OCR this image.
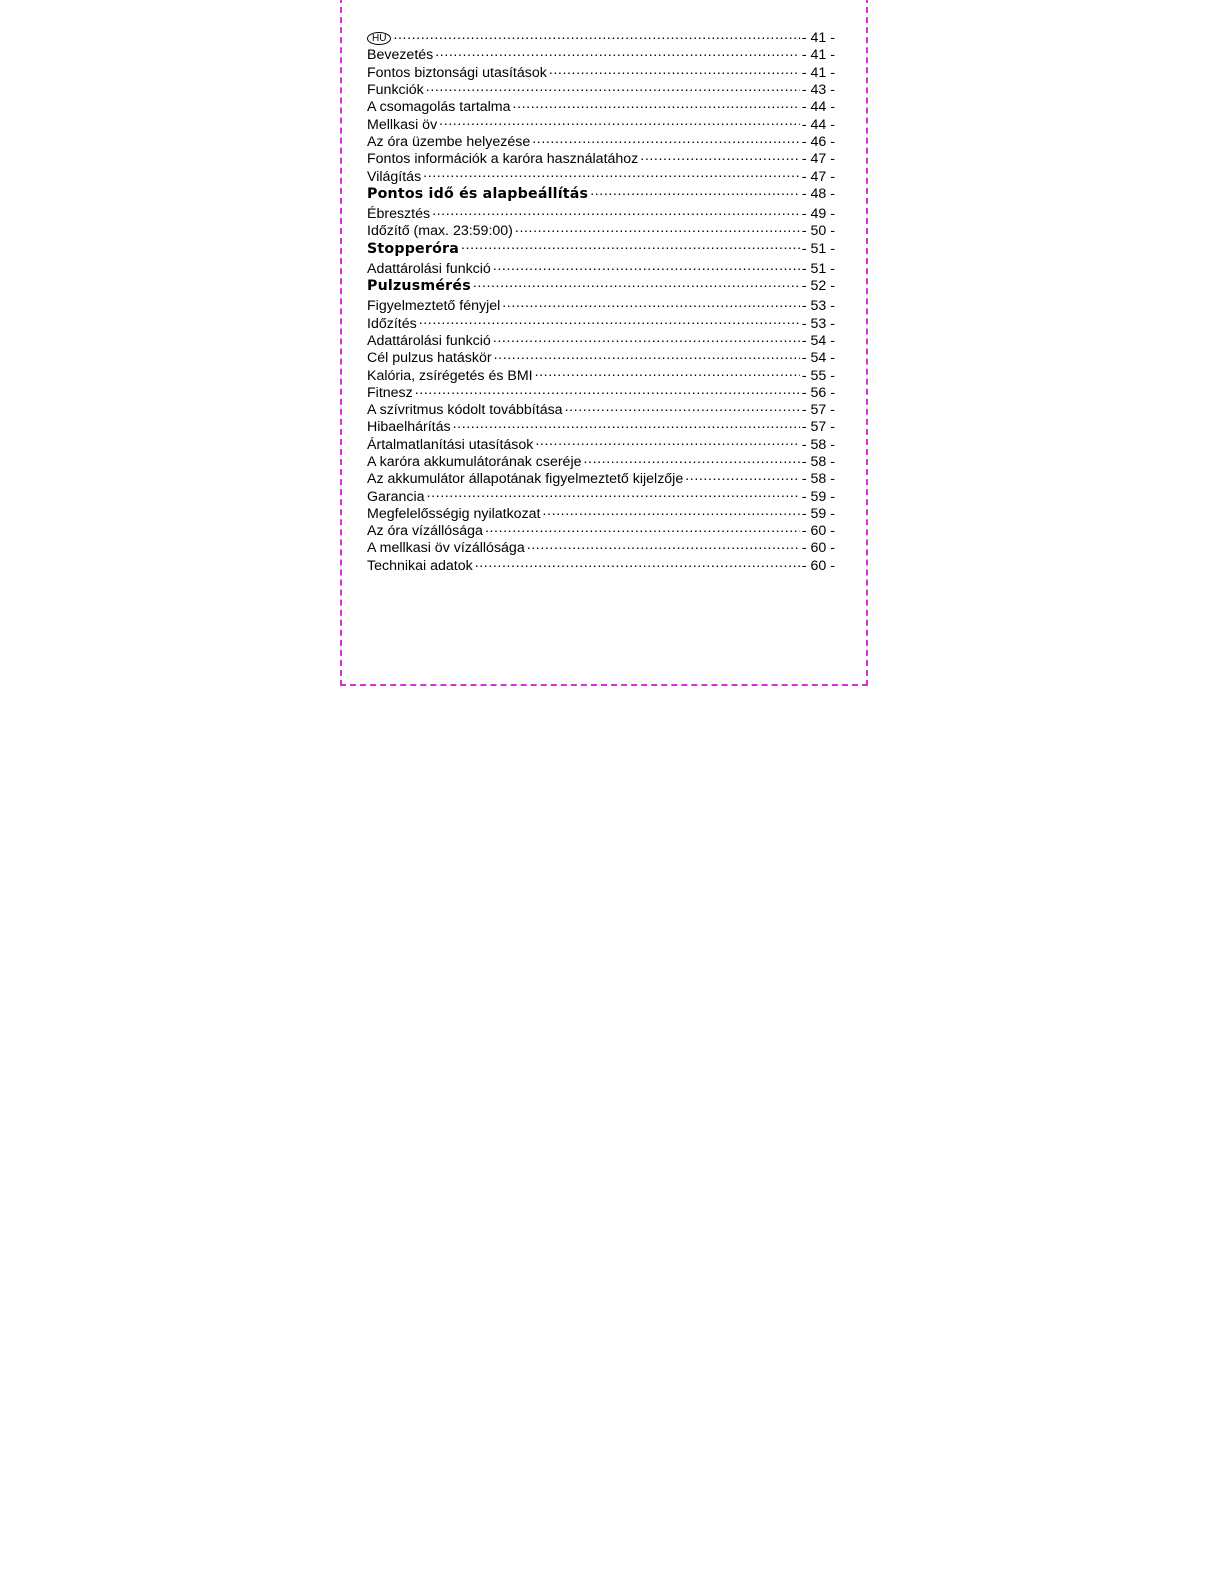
HU .....	- 41 -
Bevezetés .....	- 41 -
Fontos biztonsági utasítások .....	- 41 -
Funkciók .....	- 43 -
A csomagolás tartalma .....	- 44 -
Mellkasi öv .....	- 44 -
Az óra üzembe helyezése .....	- 46 -
Fontos információk a karóra használatához .....	- 47 -
Világítás .....	- 47 -
Pontos idő és alapbeállítás .....	- 48 -
Ébresztés .....	- 49 -
Időzítő (max. 23:59:00) .....	- 50 -
Stopperóra .....	- 51 -
Adattárolási funkció .....	- 51 -
Pulzusmérés .....	- 52 -
Figyelmeztető fényjel .....	- 53 -
Időzítés .....	- 53 -
Adattárolási funkció .....	- 54 -
Cél pulzus hatáskör .....	- 54 -
Kalória, zsírégetés és BMI .....	- 55 -
Fitnesz .....	- 56 -
A szívritmus kódolt továbbítása .....	- 57 -
Hibaelhárítás .....	- 57 -
Ártalmatlanítási utasítások .....	- 58 -
A karóra akkumulátorának cseréje .....	- 58 -
Az akkumulátor állapotának figyelmeztető kijelzője .....	- 58 -
Garancia .....	- 59 -
Megfelelősségig nyilatkozat .....	- 59 -
Az óra vízállósága .....	- 60 -
A mellkasi öv vízállósága .....	- 60 -
Technikai adatok .....	- 60 -
